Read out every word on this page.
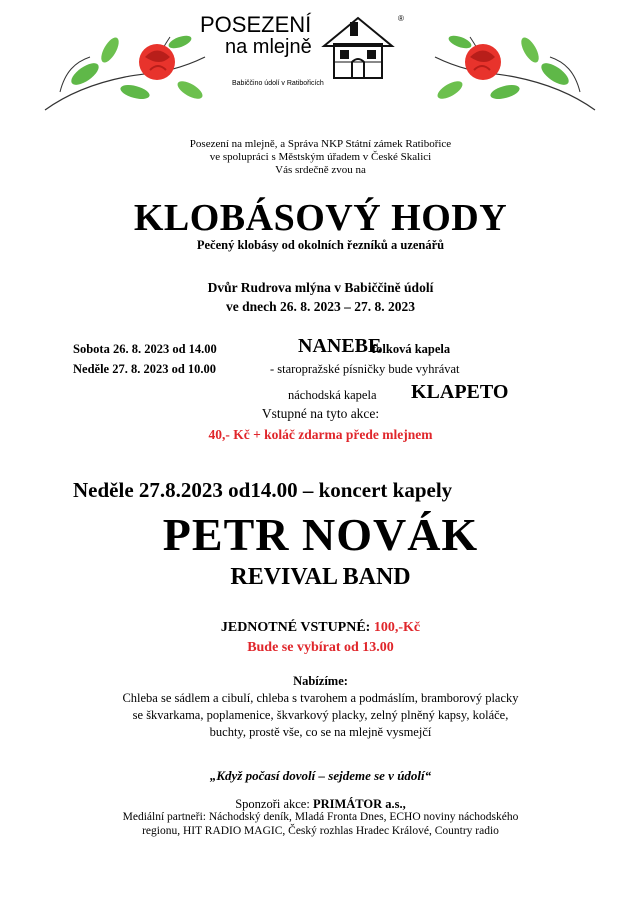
POSEZENÍ	®
na mlejně
Babiččino údolí v Ratibořicích
Posezení na mlejně, a Správa NKP Státní zámek Ratibořice
ve spolupráci s Městským úřadem v České Skalici
Vás srdečně zvou na
KLOBÁSOVÝ HODY
Pečený klobásy od okolních řezníků a uzenářů
Dvůr Rudrova mlýna v Babiččině údolí
ve dnech 26. 8. 2023 – 27. 8. 2023
Sobota 26. 8. 2023 od 14.00	NANEBE
folková kapela
Neděle 27. 8. 2023 od 10.00	- staropražské písničky bude vyhrávat
náchodská kapela KLAPETO
Vstupné na tyto akce:
40,- Kč + koláč zdarma přede mlejnem
Neděle 27.8.2023 od14.00 – koncert kapely
PETR NOVÁK
REVIVAL BAND
JEDNOTNÉ VSTUPNÉ: 100,-Kč
Bude se vybírat od 13.00
Nabízíme:
Chleba se sádlem a cibulí, chleba s tvarohem a podmáslím, bramborový placky
se škvarkama, poplamenice, škvarkový placky, zelný plněný kapsy, koláče,
buchty, prostě vše, co se na mlejně vysmejčí
„Když počasí dovolí – sejdeme se v údolí“
Sponzoři akce: PRIMÁTOR a.s.,
Mediální partneři: Náchodský deník, Mladá Fronta Dnes, ECHO noviny náchodského
regionu, HIT RADIO MAGIC, Český rozhlas Hradec Králové, Country radio
